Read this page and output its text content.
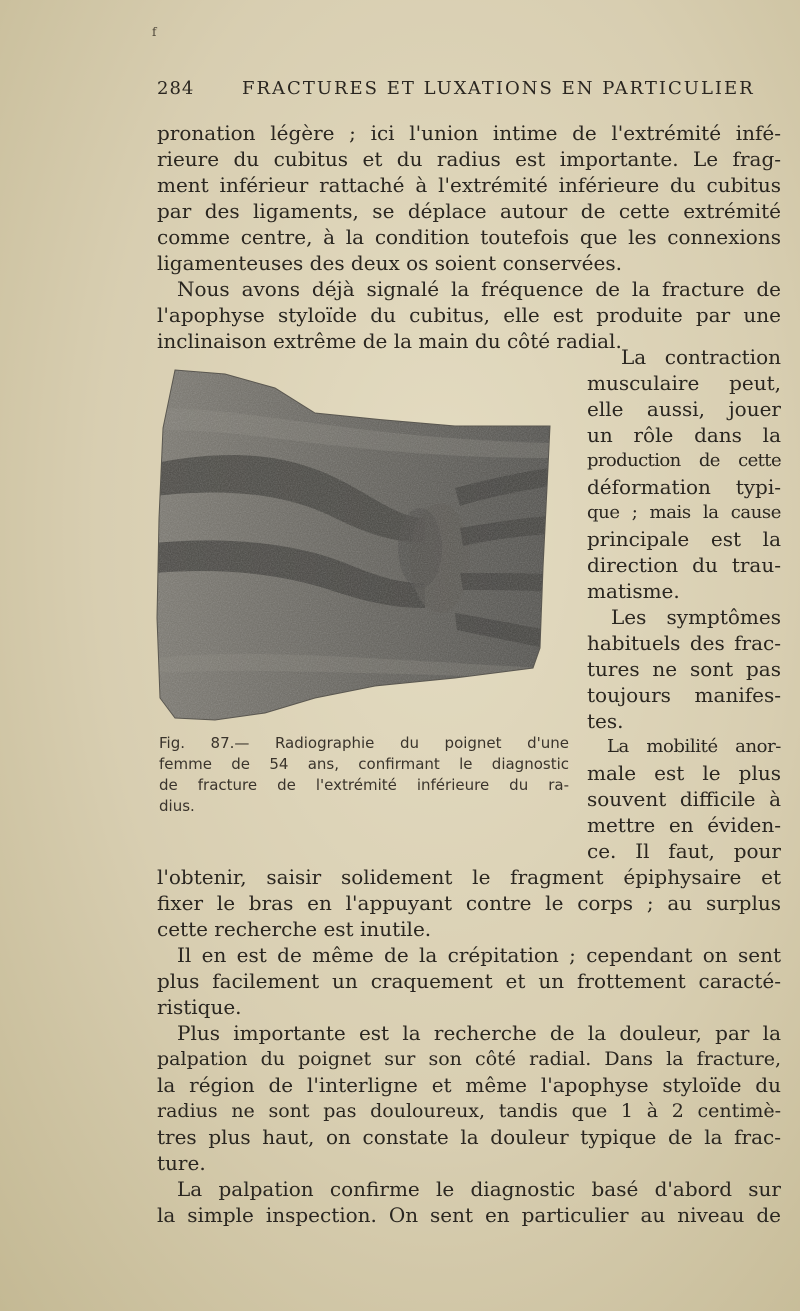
f
284	FRACTURES ET LUXATIONS EN PARTICULIER
pronation légère ; ici l'union intime de l'extrémité infé-
rieure du cubitus et du radius est importante. Le frag-
ment inférieur rattaché à l'extrémité inférieure du cubitus
par des ligaments, se déplace autour de cette extrémité
comme centre, à la condition toutefois que les connexions
ligamenteuses des deux os soient conservées.
Nous avons déjà signalé la fréquence de la fracture de
l'apophyse styloïde du cubitus, elle est produite par une
inclinaison extrême de la main du côté radial.
La contraction
musculaire peut,
elle aussi, jouer
un rôle dans la
production de cette
déformation typi-
que ; mais la cause
principale est la
direction du trau-
matisme.
Les symptômes
habituels des frac-
tures ne sont pas
toujours manifes-
tes.
La mobilité anor-
male est le plus
souvent difficile à
mettre en éviden-
ce. Il faut, pour
Fig. 87.— Radiographie du poignet d'une
femme de 54 ans, confirmant le diagnostic
de fracture de l'extrémité inférieure du ra-
dius.
l'obtenir, saisir solidement le fragment épiphysaire et
fixer le bras en l'appuyant contre le corps ; au surplus
cette recherche est inutile.
Il en est de même de la crépitation ; cependant on sent
plus facilement un craquement et un frottement caracté-
ristique.
Plus importante est la recherche de la douleur, par la
palpation du poignet sur son côté radial. Dans la fracture,
la région de l'interligne et même l'apophyse styloïde du
radius ne sont pas douloureux, tandis que 1 à 2 centimè-
tres plus haut, on constate la douleur typique de la frac-
ture.
La palpation confirme le diagnostic basé d'abord sur
la simple inspection. On sent en particulier au niveau de
